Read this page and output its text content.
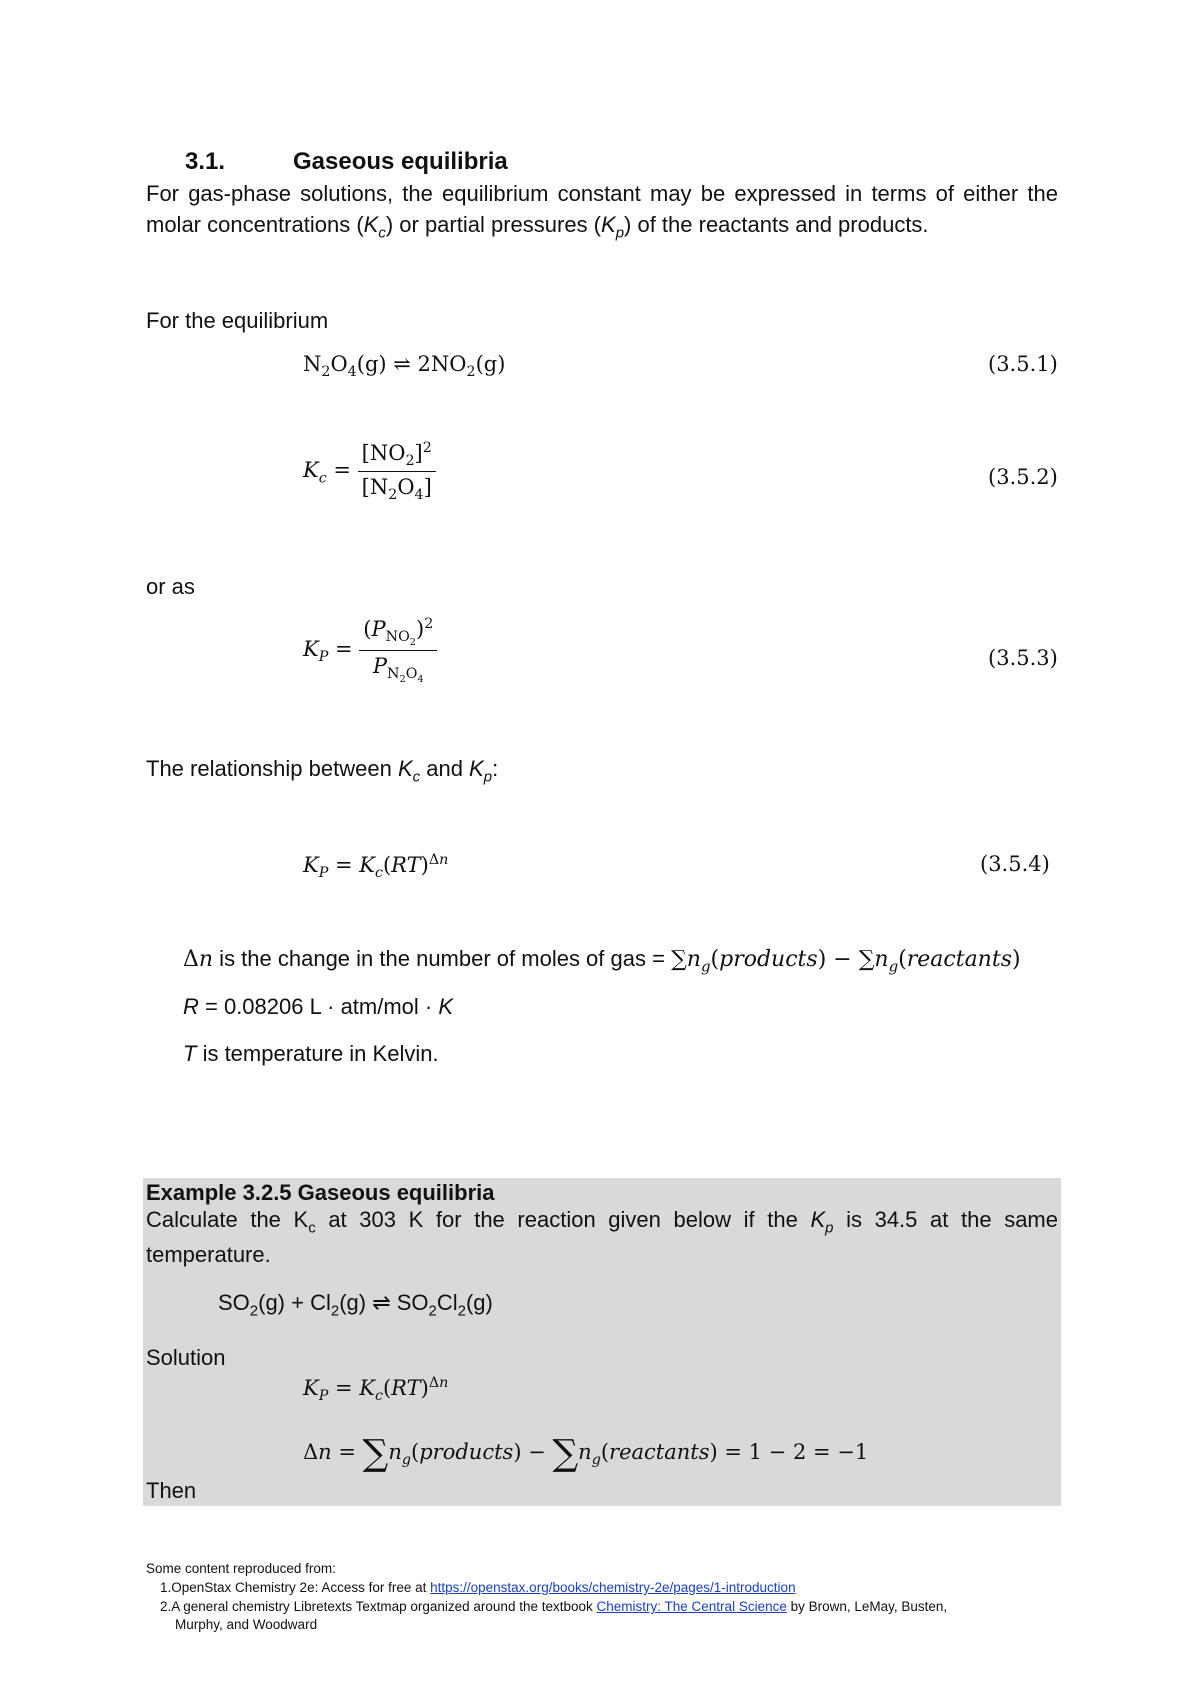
3.1.	Gaseous equilibria
For gas-phase solutions, the equilibrium constant may be expressed in terms of either the molar concentrations $(K_c)$ or partial pressures $(K_p)$ of the reactants and products.
For the equilibrium
$N_2O_4(g)$ ⇌ $2NO_2(g)$	(3.5.1)
$K_c = \frac{[NO_2]^2}{[N_2O_4]}$	(3.5.2)
or as
$K_P = \frac{(P_{NO_2})^2}{P_{N_2O_4}}$	(3.5.3)
The relationship between $K_c$ and $K_p$:
$K_P = K_c(RT)^{\Delta n}$	(3.5.4)
Δn is the change in the number of moles of gas = $\sum n_g(products)$ − $\sum n_g(reactants)$
R = 0.08206 L · atm/mol · K
T is temperature in Kelvin.
Example 3.2.5 Gaseous equilibria
Calculate the $K_c$ at 303 K for the reaction given below if the $K_p$ is 34.5 at the same temperature.
$SO_2(g) + Cl_2(g)$ ⇌ $SO_2Cl_2(g)$
Solution
$K_P = K_c(RT)^{\Delta n}$
$\Delta n = \sum n_g(products)$ − $\sum n_g(reactants) = 1 - 2 = -1$
Then
Some content reproduced from:
1.OpenStax Chemistry 2e: Access for free at https://openstax.org/books/chemistry-2e/pages/1-introduction
2.A general chemistry Libretexts Textmap organized around the textbook Chemistry: The Central Science by Brown, LeMay, Busten,
Murphy, and Woodward
